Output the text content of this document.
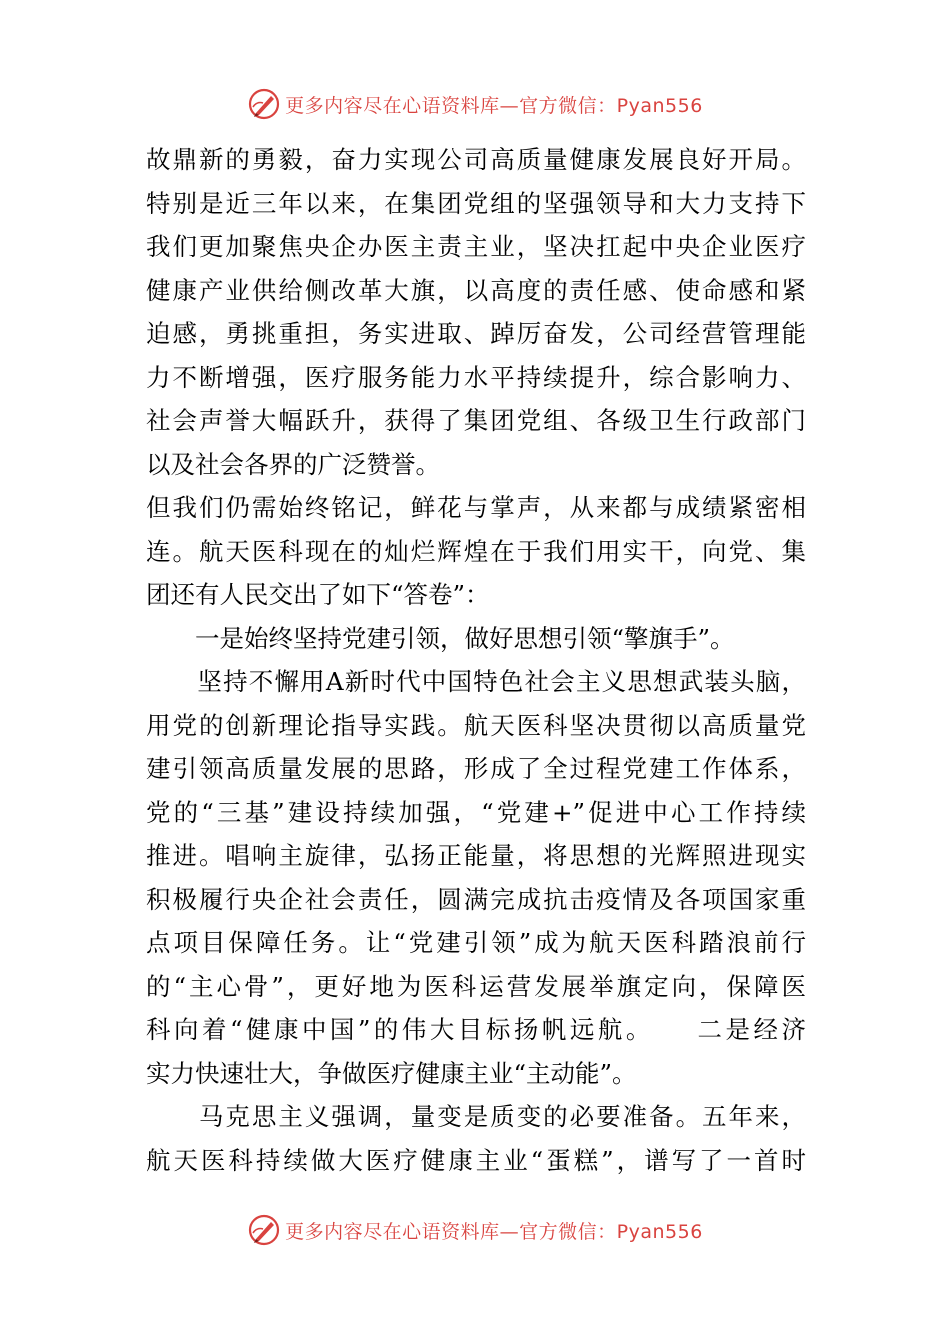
更多内容尽在心语资料库—官方微信：Pyan556
故鼎新的勇毅，奋力实现公司高质量健康发展良好开局。
特别是近三年以来，在集团党组的坚强领导和大力支持下
我们更加聚焦央企办医主责主业，坚决扛起中央企业医疗
健康产业供给侧改革大旗，以高度的责任感、使命感和紧
迫感，勇挑重担，务实进取、踔厉奋发，公司经营管理能
力不断增强，医疗服务能力水平持续提升，综合影响力、
社会声誉大幅跃升，获得了集团党组、各级卫生行政部门
以及社会各界的广泛赞誉。
但我们仍需始终铭记，鲜花与掌声，从来都与成绩紧密相
连。航天医科现在的灿烂辉煌在于我们用实干，向党、集
团还有人民交出了如下“答卷”：
　　一是始终坚持党建引领，做好思想引领“擎旗手”。
　　坚持不懈用A新时代中国特色社会主义思想武装头脑，
用党的创新理论指导实践。航天医科坚决贯彻以高质量党
建引领高质量发展的思路，形成了全过程党建工作体系，
党的“三基”建设持续加强，“党建+”促进中心工作持续
推进。唱响主旋律，弘扬正能量，将思想的光辉照进现实
积极履行央企社会责任，圆满完成抗击疫情及各项国家重
点项目保障任务。让“党建引领”成为航天医科踏浪前行
的“主心骨”，更好地为医科运营发展举旗定向，保障医
科向着“健康中国”的伟大目标扬帆远航。　　二是经济
实力快速壮大，争做医疗健康主业“主动能”。
　　马克思主义强调，量变是质变的必要准备。五年来，
航天医科持续做大医疗健康主业“蛋糕”，谱写了一首时
更多内容尽在心语资料库—官方微信：Pyan556
